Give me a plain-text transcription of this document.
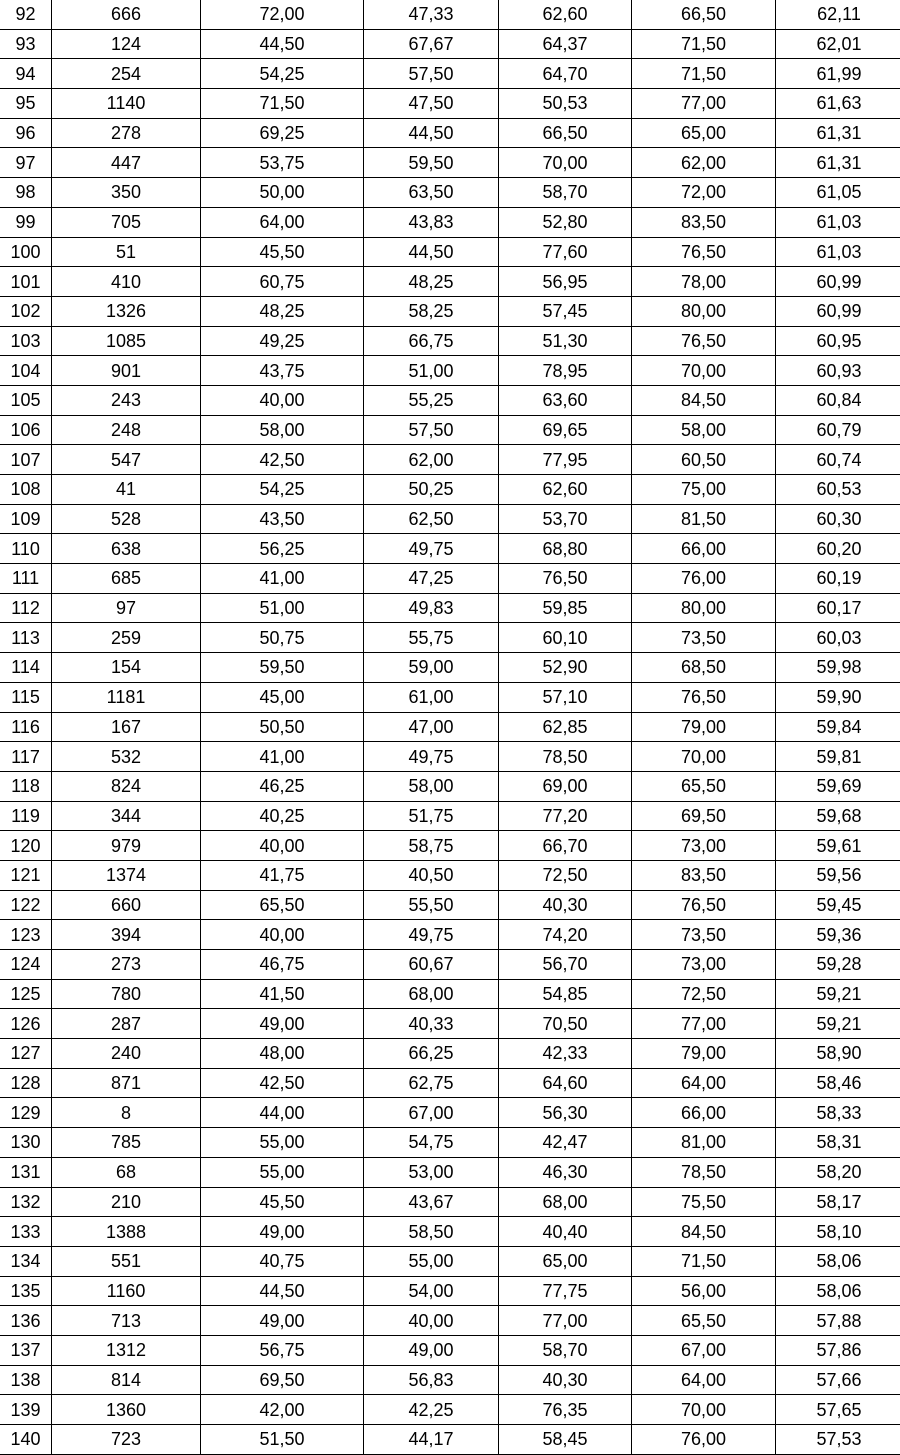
92	666	72,00	47,33	62,60	66,50	62,11
93	124	44,50	67,67	64,37	71,50	62,01
94	254	54,25	57,50	64,70	71,50	61,99
95	1140	71,50	47,50	50,53	77,00	61,63
96	278	69,25	44,50	66,50	65,00	61,31
97	447	53,75	59,50	70,00	62,00	61,31
98	350	50,00	63,50	58,70	72,00	61,05
99	705	64,00	43,83	52,80	83,50	61,03
100	51	45,50	44,50	77,60	76,50	61,03
101	410	60,75	48,25	56,95	78,00	60,99
102	1326	48,25	58,25	57,45	80,00	60,99
103	1085	49,25	66,75	51,30	76,50	60,95
104	901	43,75	51,00	78,95	70,00	60,93
105	243	40,00	55,25	63,60	84,50	60,84
106	248	58,00	57,50	69,65	58,00	60,79
107	547	42,50	62,00	77,95	60,50	60,74
108	41	54,25	50,25	62,60	75,00	60,53
109	528	43,50	62,50	53,70	81,50	60,30
110	638	56,25	49,75	68,80	66,00	60,20
111	685	41,00	47,25	76,50	76,00	60,19
112	97	51,00	49,83	59,85	80,00	60,17
113	259	50,75	55,75	60,10	73,50	60,03
114	154	59,50	59,00	52,90	68,50	59,98
115	1181	45,00	61,00	57,10	76,50	59,90
116	167	50,50	47,00	62,85	79,00	59,84
117	532	41,00	49,75	78,50	70,00	59,81
118	824	46,25	58,00	69,00	65,50	59,69
119	344	40,25	51,75	77,20	69,50	59,68
120	979	40,00	58,75	66,70	73,00	59,61
121	1374	41,75	40,50	72,50	83,50	59,56
122	660	65,50	55,50	40,30	76,50	59,45
123	394	40,00	49,75	74,20	73,50	59,36
124	273	46,75	60,67	56,70	73,00	59,28
125	780	41,50	68,00	54,85	72,50	59,21
126	287	49,00	40,33	70,50	77,00	59,21
127	240	48,00	66,25	42,33	79,00	58,90
128	871	42,50	62,75	64,60	64,00	58,46
129	8	44,00	67,00	56,30	66,00	58,33
130	785	55,00	54,75	42,47	81,00	58,31
131	68	55,00	53,00	46,30	78,50	58,20
132	210	45,50	43,67	68,00	75,50	58,17
133	1388	49,00	58,50	40,40	84,50	58,10
134	551	40,75	55,00	65,00	71,50	58,06
135	1160	44,50	54,00	77,75	56,00	58,06
136	713	49,00	40,00	77,00	65,50	57,88
137	1312	56,75	49,00	58,70	67,00	57,86
138	814	69,50	56,83	40,30	64,00	57,66
139	1360	42,00	42,25	76,35	70,00	57,65
140	723	51,50	44,17	58,45	76,00	57,53
